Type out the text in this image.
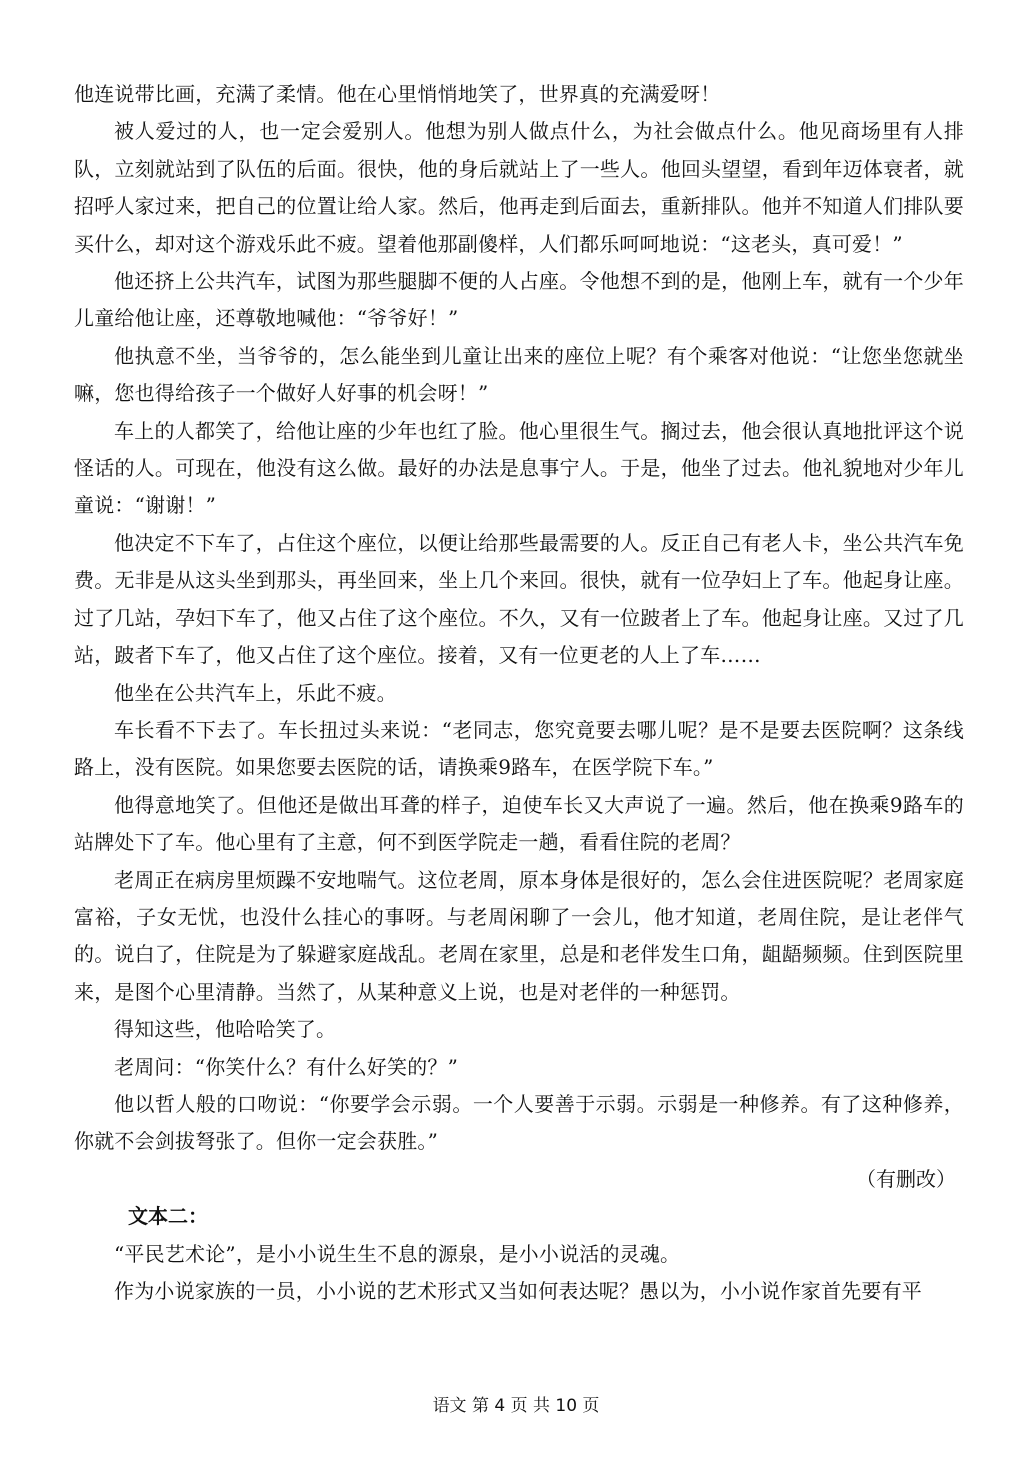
他连说带比画，充满了柔情。他在心里悄悄地笑了，世界真的充满爱呀！

被人爱过的人，也一定会爱别人。他想为别人做点什么，为社会做点什么。他见商场里有人排队，立刻就站到了队伍的后面。很快，他的身后就站上了一些人。他回头望望，看到年迈体衰者，就招呼人家过来，把自己的位置让给人家。然后，他再走到后面去，重新排队。他并不知道人们排队要买什么，却对这个游戏乐此不疲。望着他那副傻样，人们都乐呵呵地说：“这老头，真可爱！”

他还挤上公共汽车，试图为那些腿脚不便的人占座。令他想不到的是，他刚上车，就有一个少年儿童给他让座，还尊敬地喊他：“爷爷好！”

他执意不坐，当爷爷的，怎么能坐到儿童让出来的座位上呢？有个乘客对他说：“让您坐您就坐嘛，您也得给孩子一个做好人好事的机会呀！”

车上的人都笑了，给他让座的少年也红了脸。他心里很生气。搁过去，他会很认真地批评这个说怪话的人。可现在，他没有这么做。最好的办法是息事宁人。于是，他坐了过去。他礼貌地对少年儿童说：“谢谢！”

他决定不下车了，占住这个座位，以便让给那些最需要的人。反正自己有老人卡，坐公共汽车免费。无非是从这头坐到那头，再坐回来，坐上几个来回。很快，就有一位孕妇上了车。他起身让座。过了几站，孕妇下车了，他又占住了这个座位。不久，又有一位跛者上了车。他起身让座。又过了几站，跛者下车了，他又占住了这个座位。接着，又有一位更老的人上了车……

他坐在公共汽车上，乐此不疲。

车长看不下去了。车长扭过头来说：“老同志，您究竟要去哪儿呢？是不是要去医院啊？这条线路上，没有医院。如果您要去医院的话，请换乘9路车，在医学院下车。”

他得意地笑了。但他还是做出耳聋的样子，迫使车长又大声说了一遍。然后，他在换乘9路车的站牌处下了车。他心里有了主意，何不到医学院走一趟，看看住院的老周？

老周正在病房里烦躁不安地喘气。这位老周，原本身体是很好的，怎么会住进医院呢？老周家庭富裕，子女无忧，也没什么挂心的事呀。与老周闲聊了一会儿，他才知道，老周住院，是让老伴气的。说白了，住院是为了躲避家庭战乱。老周在家里，总是和老伴发生口角，龃龉频频。住到医院里来，是图个心里清静。当然了，从某种意义上说，也是对老伴的一种惩罚。

得知这些，他哈哈笑了。

老周问：“你笑什么？有什么好笑的？”

他以哲人般的口吻说：“你要学会示弱。一个人要善于示弱。示弱是一种修养。有了这种修养，你就不会剑拔弩张了。但你一定会获胜。”

（有删改）

文本二：

“平民艺术论”，是小小说生生不息的源泉，是小小说活的灵魂。

作为小说家族的一员，小小说的艺术形式又当如何表达呢？愚以为，小小说作家首先要有平

语文 第 4 页 共 10 页
